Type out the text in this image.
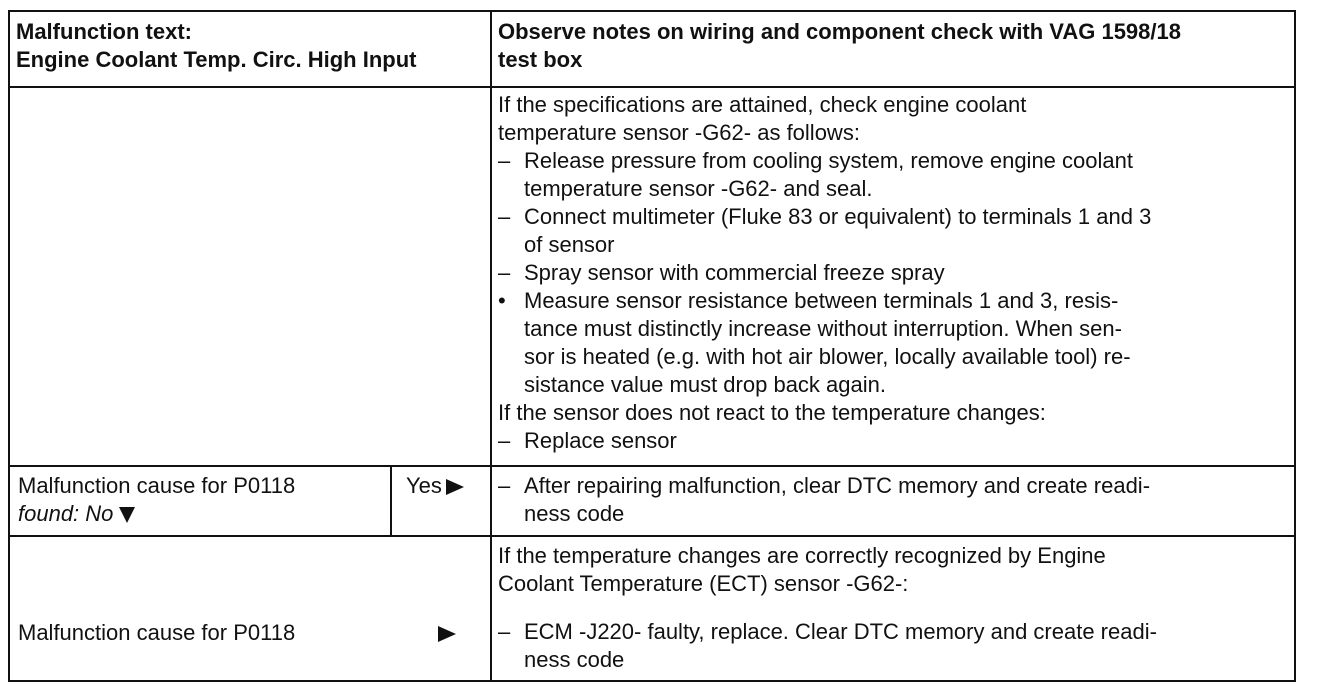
Malfunction text:
Engine Coolant Temp. Circ. High Input
Observe notes on wiring and component check with VAG 1598/18
test box
If the specifications are attained, check engine coolant
temperature sensor -G62- as follows:
– Release pressure from cooling system, remove engine coolant
temperature sensor -G62- and seal.
– Connect multimeter (Fluke 83 or equivalent) to terminals 1 and 3
of sensor
– Spray sensor with commercial freeze spray
• Measure sensor resistance between terminals 1 and 3, resis-
tance must distinctly increase without interruption. When sen-
sor is heated (e.g. with hot air blower, locally available tool) re-
sistance value must drop back again.
If the sensor does not react to the temperature changes:
– Replace sensor
Malfunction cause for P0118
found: No
Yes	– After repairing malfunction, clear DTC memory and create readi-
ness code
Malfunction cause for P0118
If the temperature changes are correctly recognized by Engine
Coolant Temperature (ECT) sensor -G62-:
– ECM -J220- faulty, replace. Clear DTC memory and create readi-
ness code
